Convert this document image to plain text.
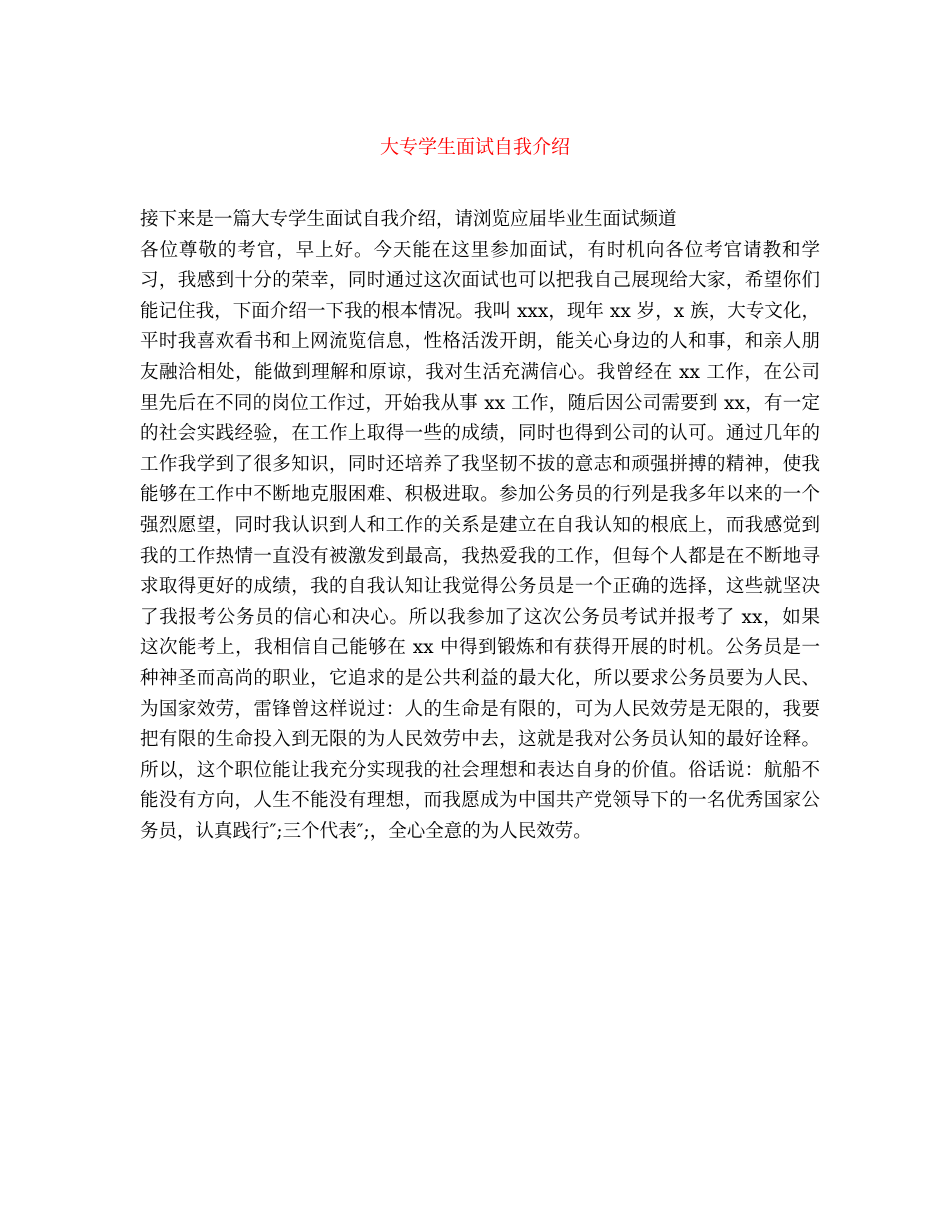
大专学生面试自我介绍
接下来是一篇大专学生面试自我介绍，请浏览应届毕业生面试频道
各位尊敬的考官，早上好。今天能在这里参加面试，有时机向各位考官请教和学
习，我感到十分的荣幸，同时通过这次面试也可以把我自己展现给大家，希望你们
能记住我，下面介绍一下我的根本情况。我叫 xxx，现年 xx 岁，x 族，大专文化，
平时我喜欢看书和上网流览信息，性格活泼开朗，能关心身边的人和事，和亲人朋
友融洽相处，能做到理解和原谅，我对生活充满信心。我曾经在 xx 工作，在公司
里先后在不同的岗位工作过，开始我从事 xx 工作，随后因公司需要到 xx，有一定
的社会实践经验，在工作上取得一些的成绩，同时也得到公司的认可。通过几年的
工作我学到了很多知识，同时还培养了我坚韧不拔的意志和顽强拼搏的精神，使我
能够在工作中不断地克服困难、积极进取。参加公务员的行列是我多年以来的一个
强烈愿望，同时我认识到人和工作的关系是建立在自我认知的根底上，而我感觉到
我的工作热情一直没有被激发到最高，我热爱我的工作，但每个人都是在不断地寻
求取得更好的成绩，我的自我认知让我觉得公务员是一个正确的选择，这些就坚决
了我报考公务员的信心和决心。所以我参加了这次公务员考试并报考了 xx，如果
这次能考上，我相信自己能够在 xx 中得到锻炼和有获得开展的时机。公务员是一
种神圣而高尚的职业，它追求的是公共利益的最大化，所以要求公务员要为人民、
为国家效劳，雷锋曾这样说过：人的生命是有限的，可为人民效劳是无限的，我要
把有限的生命投入到无限的为人民效劳中去，这就是我对公务员认知的最好诠释。
所以，这个职位能让我充分实现我的社会理想和表达自身的价值。俗话说：航船不
能没有方向，人生不能没有理想，而我愿成为中国共产党领导下的一名优秀国家公
务员，认真践行″;三个代表″;，全心全意的为人民效劳。
